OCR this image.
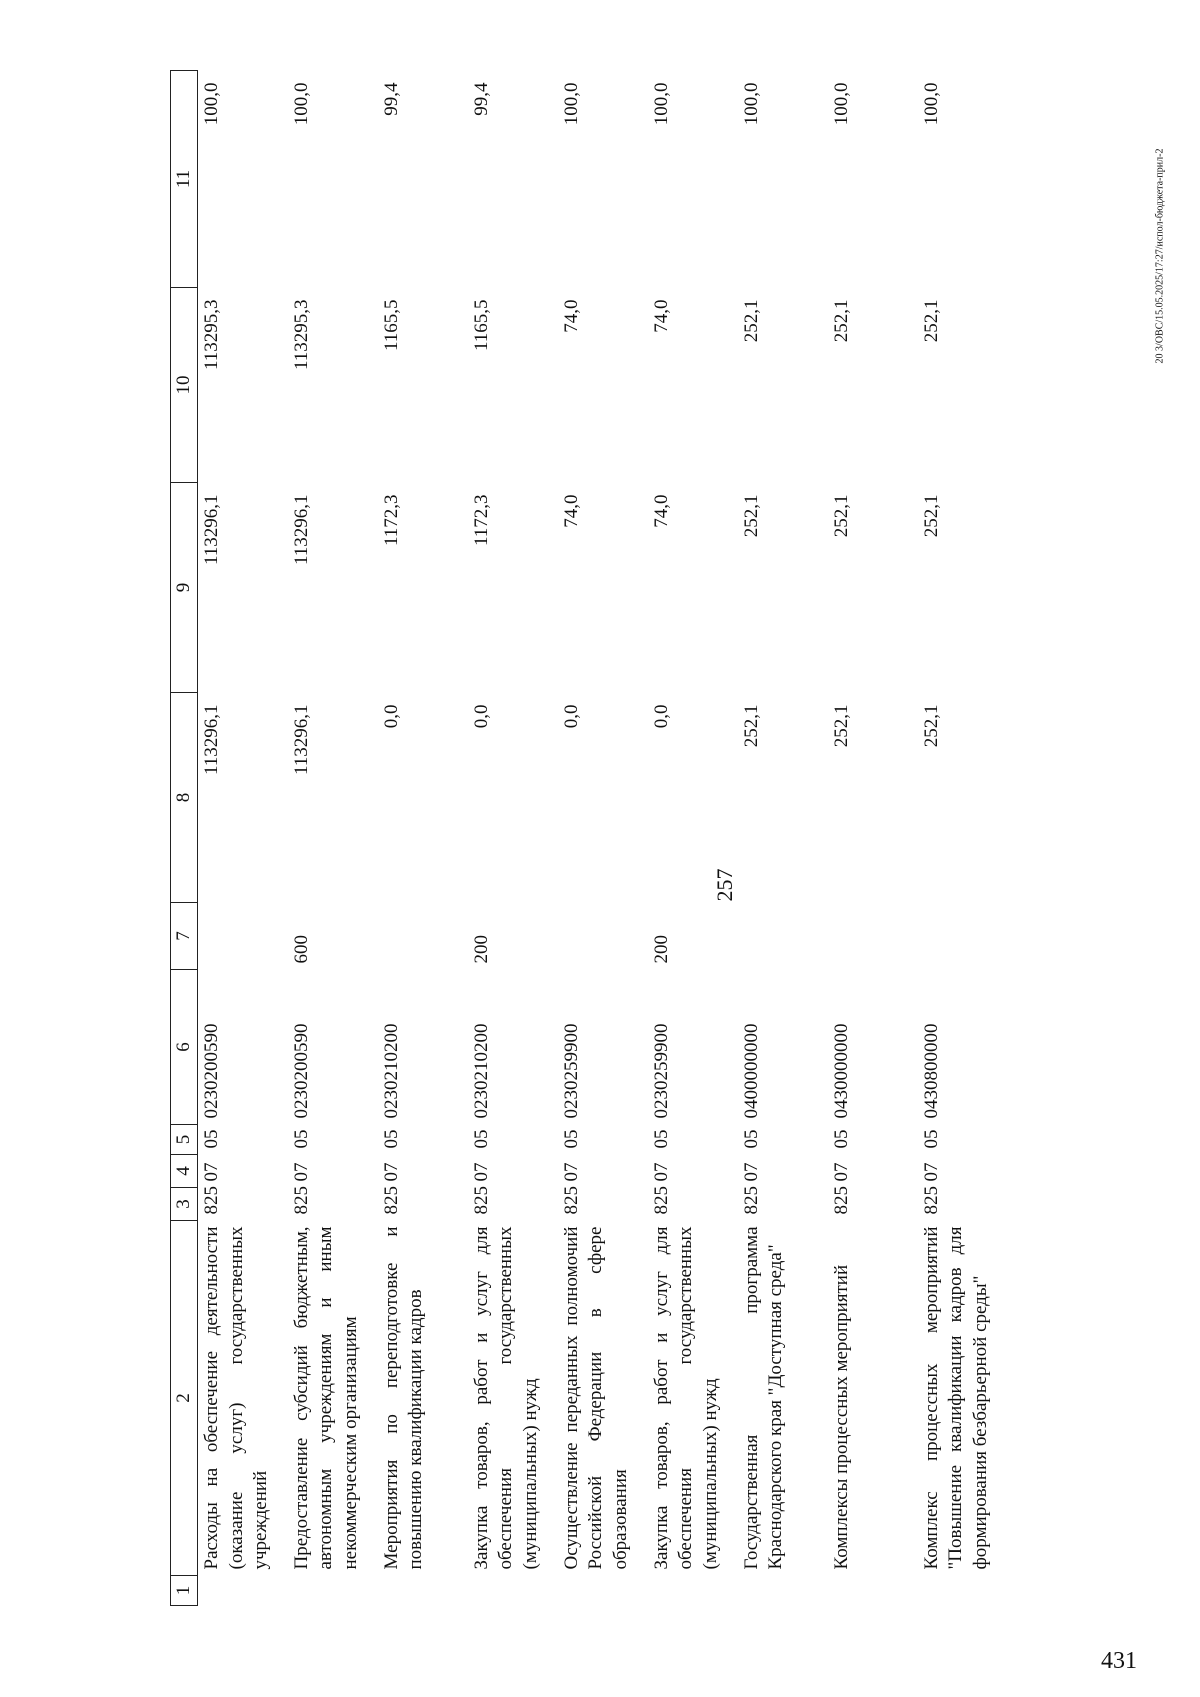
257
20 3/ОВС/15.05.2025/17:27/испол-бюджета-прил-2
431
1	2	3	4	5	6	7	8	9	10	11
	Расходы на обеспечение деятельности (оказание услуг) государственных учреждений	825	07	05	0230200590		113296,1	113296,1	113295,3	100,0
	Предоставление субсидий бюджетным, автономным учреждениям и иным некоммерческим организациям	825	07	05	0230200590	600	113296,1	113296,1	113295,3	100,0
	Мероприятия по переподготовке и повышению квалификации кадров	825	07	05	0230210200		0,0	1172,3	1165,5	99,4
	Закупка товаров, работ и услуг для обеспечения государственных (муниципальных) нужд	825	07	05	0230210200	200	0,0	1172,3	1165,5	99,4
	Осуществление переданных полномочий Российской Федерации в сфере образования	825	07	05	0230259900		0,0	74,0	74,0	100,0
	Закупка товаров, работ и услуг для обеспечения государственных (муниципальных) нужд	825	07	05	0230259900	200	0,0	74,0	74,0	100,0
	Государственная программа Краснодарского края "Доступная среда"	825	07	05	0400000000		252,1	252,1	252,1	100,0
	Комплексы процессных мероприятий	825	07	05	0430000000		252,1	252,1	252,1	100,0
	Комплекс процессных мероприятий "Повышение квалификации кадров для формирования безбарьерной среды"	825	07	05	0430800000		252,1	252,1	252,1	100,0
